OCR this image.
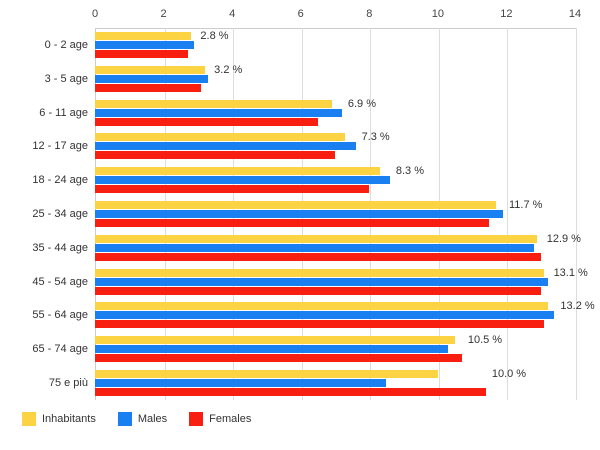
0	2	4	6	8	10	12	14
0 - 2 age
3 - 5 age
6 - 11 age
12 - 17 age
18 - 24 age
25 - 34 age
35 - 44 age
45 - 54 age
55 - 64 age
65 - 74 age
75 e più
2.8 %
3.2 %
6.9 %
7.3 %
8.3 %
11.7 %
12.9 %
13.1 %
13.2 %
10.5 %
10.0 %
Inhabitants	Males	Females
